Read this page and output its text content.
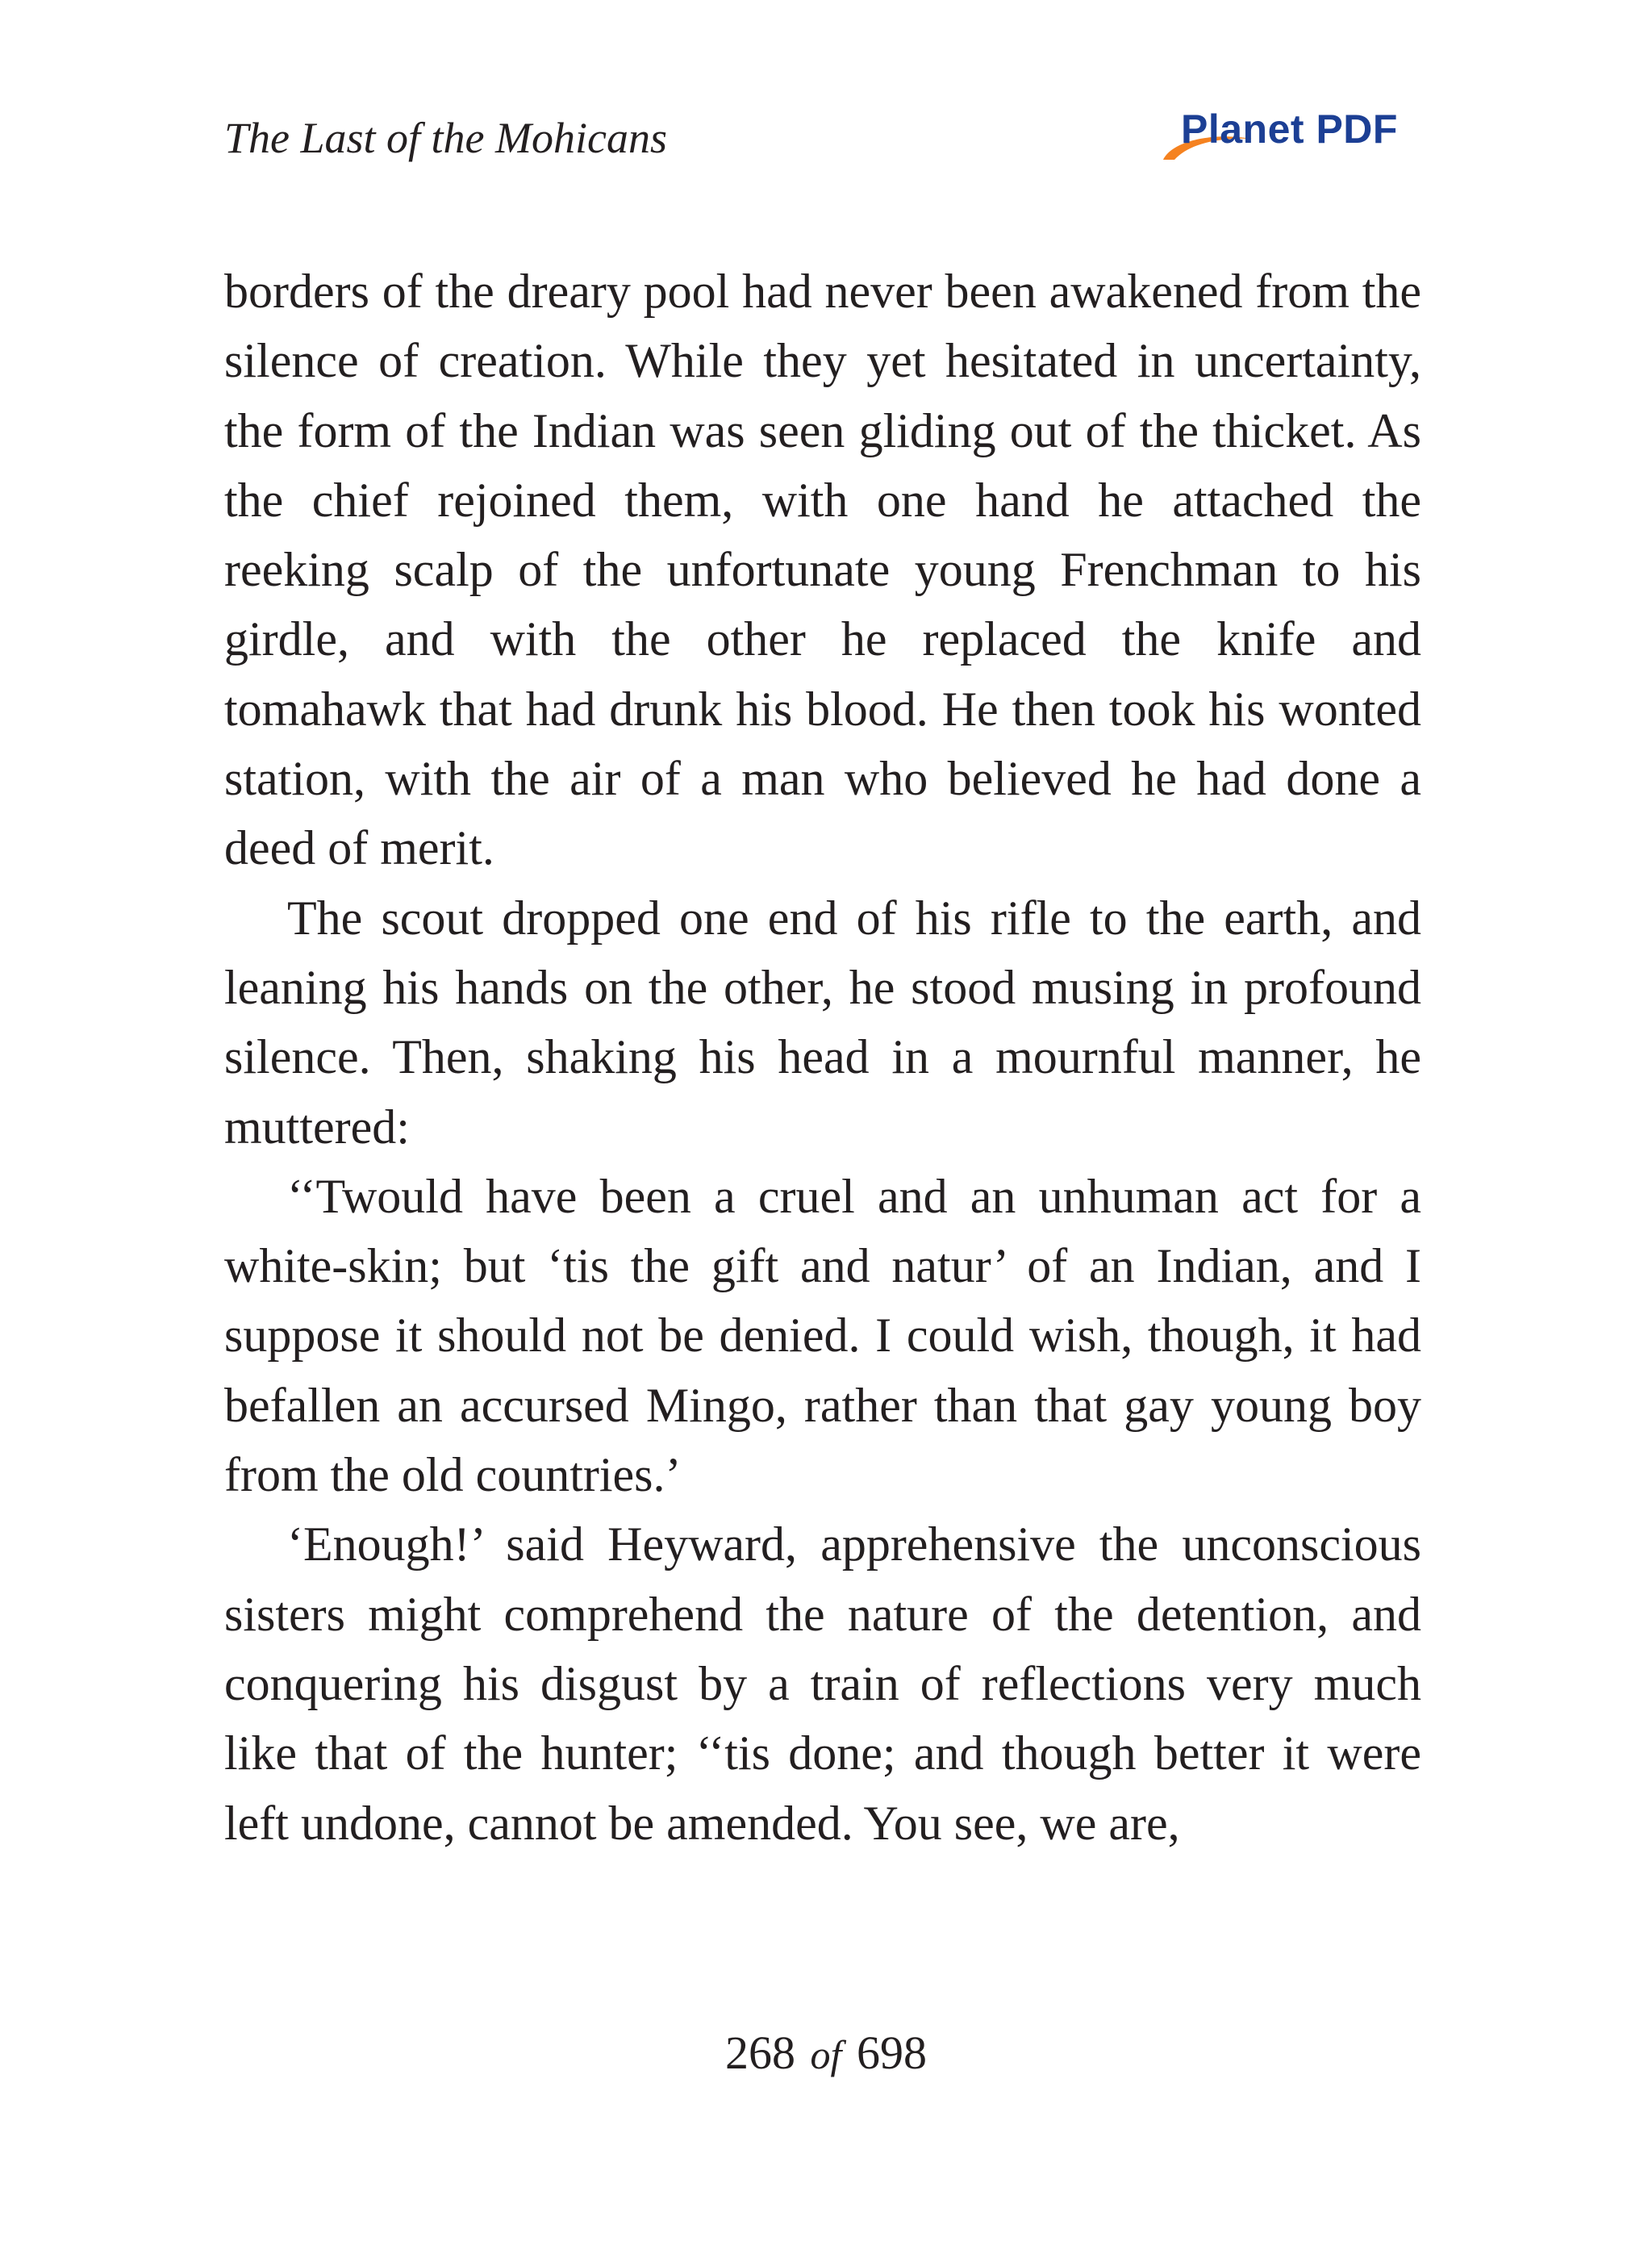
The Last of the Mohicans	Planet PDF

borders of the dreary pool had never been awakened from the silence of creation. While they yet hesitated in uncertainty, the form of the Indian was seen gliding out of the thicket. As the chief rejoined them, with one hand he attached the reeking scalp of the unfortunate young Frenchman to his girdle, and with the other he replaced the knife and tomahawk that had drunk his blood. He then took his wonted station, with the air of a man who believed he had done a deed of merit.

The scout dropped one end of his rifle to the earth, and leaning his hands on the other, he stood musing in profound silence. Then, shaking his head in a mournful manner, he muttered:

‘‘Twould have been a cruel and an unhuman act for a white-skin; but ‘tis the gift and natur’ of an Indian, and I suppose it should not be denied. I could wish, though, it had befallen an accursed Mingo, rather than that gay young boy from the old countries.’

‘Enough!’ said Heyward, apprehensive the unconscious sisters might comprehend the nature of the detention, and conquering his disgust by a train of reflections very much like that of the hunter; ‘‘tis done; and though better it were left undone, cannot be amended. You see, we are,

268 of 698
